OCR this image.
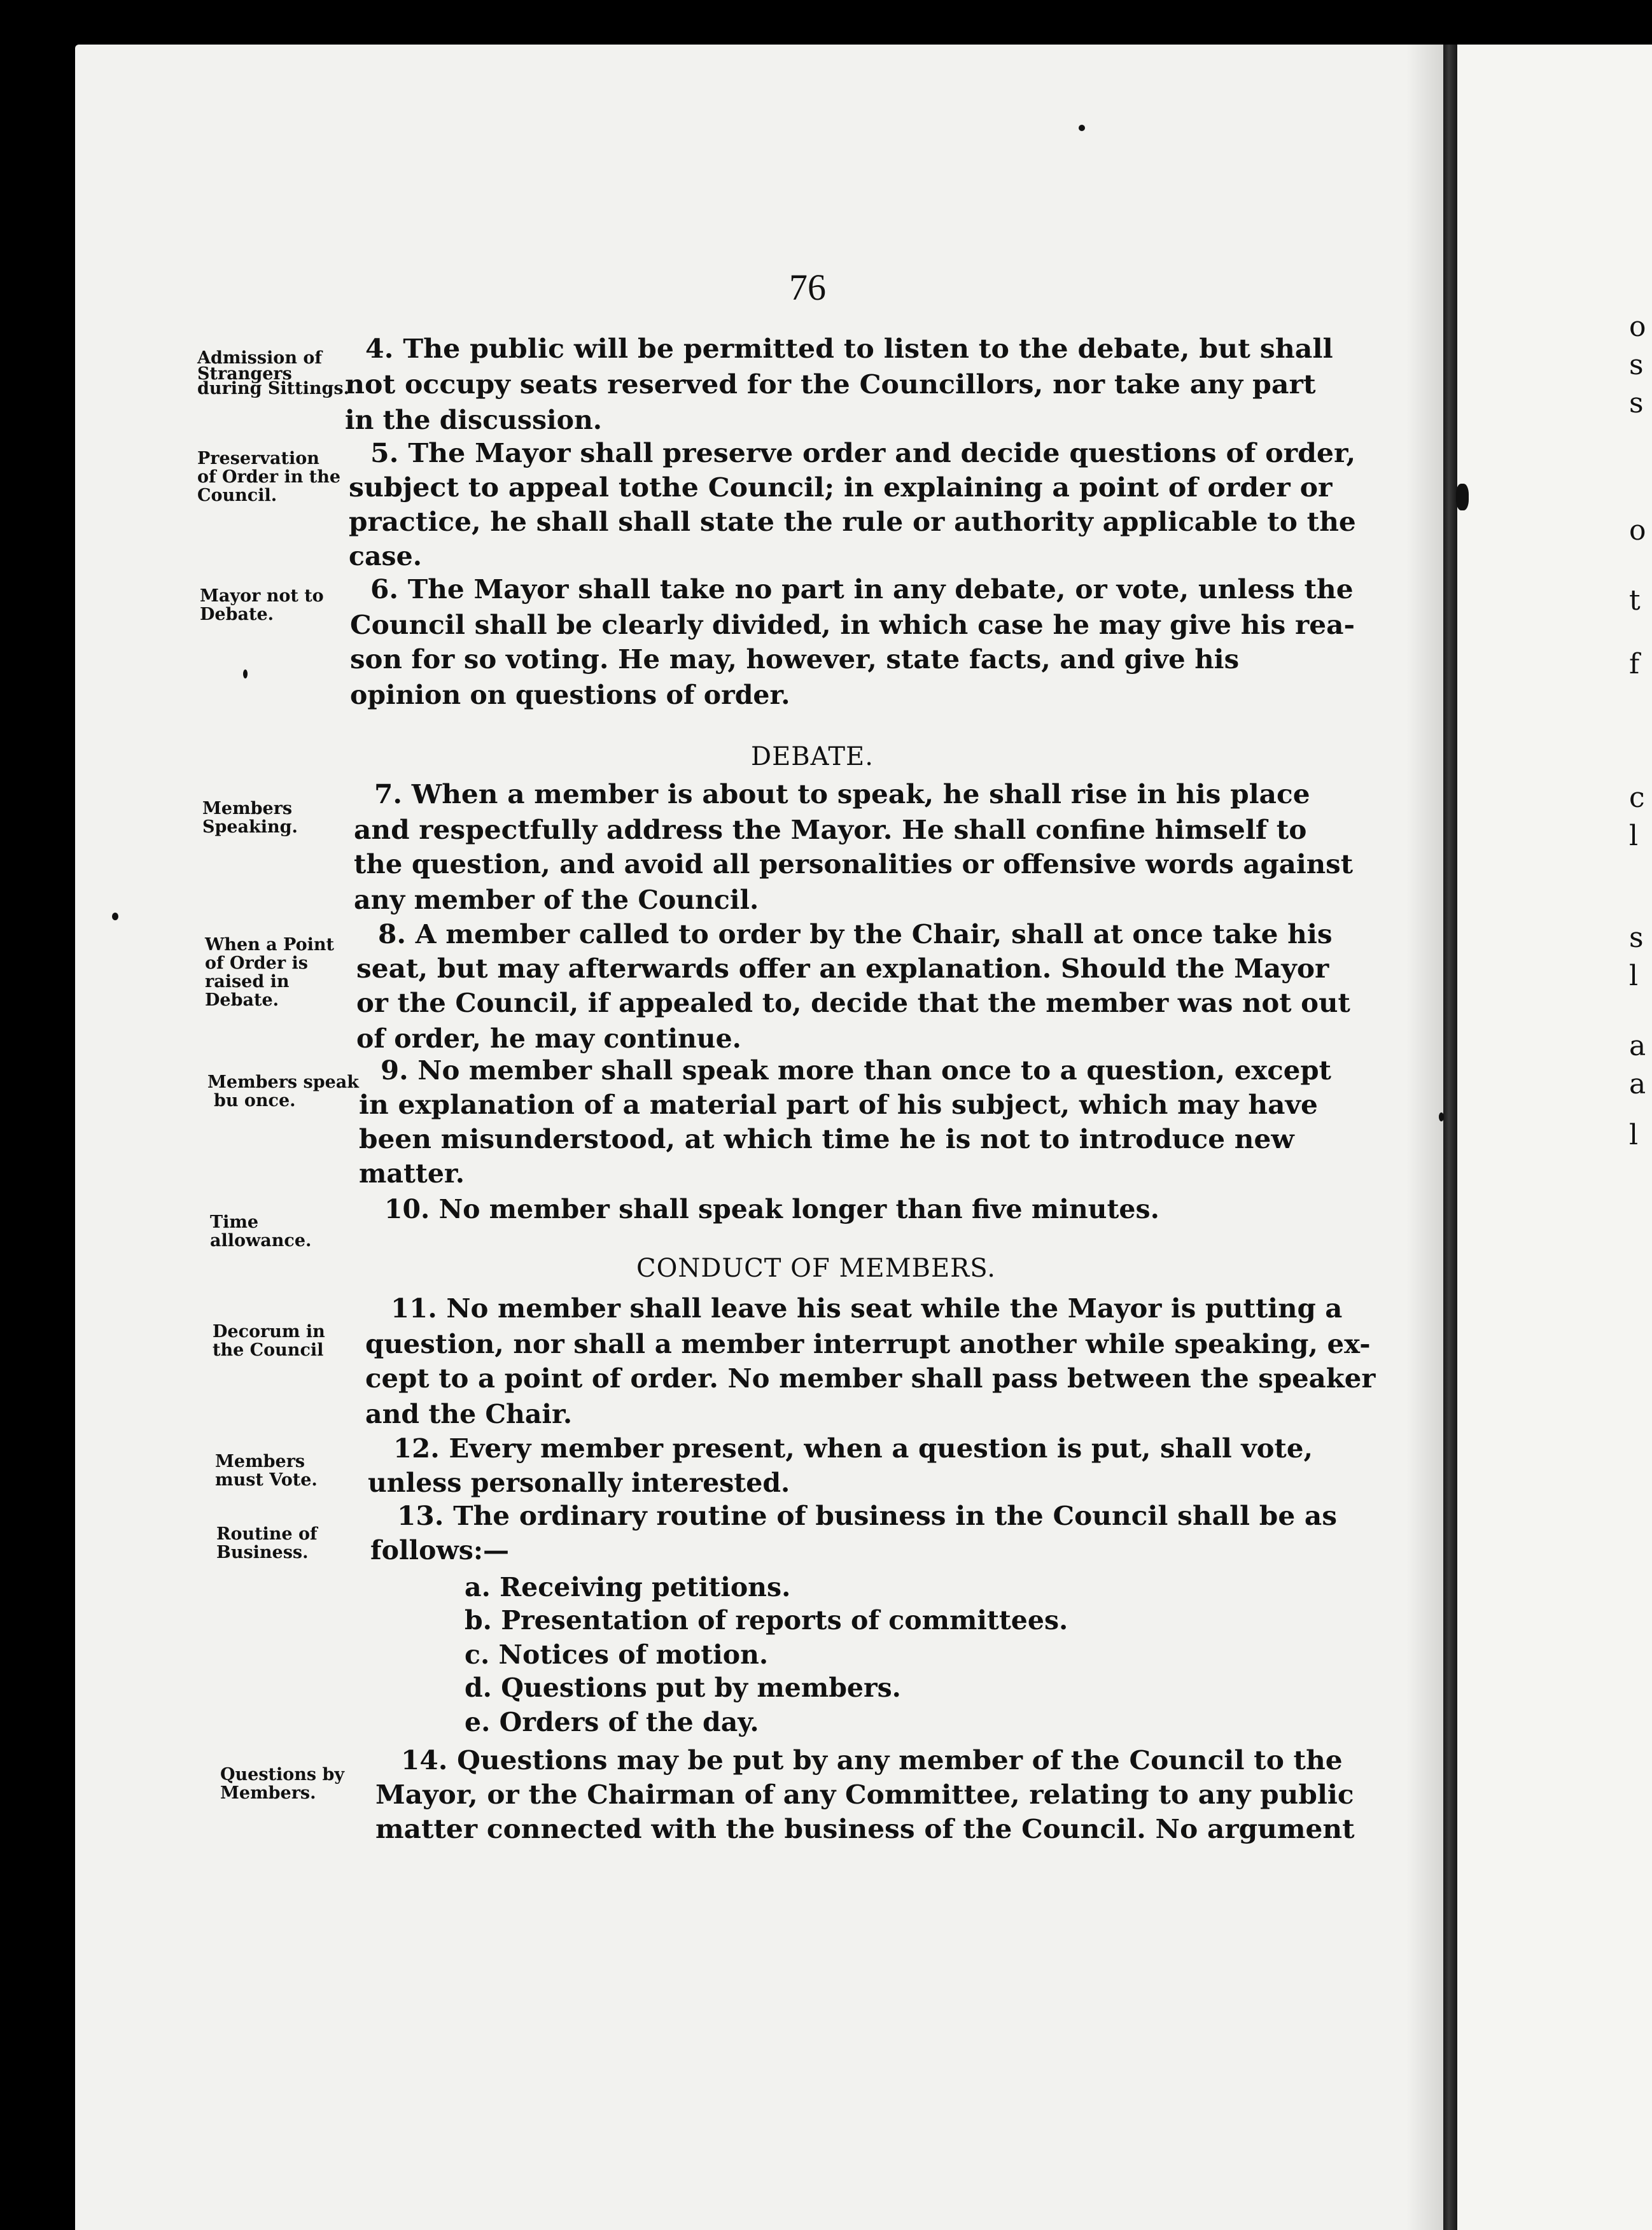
o
s
s
o
t
f
c
l
s
l
a
a
l
76
Admission of
Strangers
during Sittings.
4. The public will be permitted to listen to the debate, but shall
not occupy seats reserved for the Councillors, nor take any part
in the discussion.
Preservation
of Order in the
Council.
5. The Mayor shall preserve order and decide questions of order,
subject to appeal tothe Council; in explaining a point of order or
practice, he shall shall state the rule or authority applicable to the
case.
Mayor not to
Debate.
6. The Mayor shall take no part in any debate, or vote, unless the
Council shall be clearly divided, in which case he may give his rea-
son for so voting. He may, however, state facts, and give his
opinion on questions of order.
DEBATE.
Members
Speaking.
7. When a member is about to speak, he shall rise in his place
and respectfully address the Mayor. He shall confine himself to
the question, and avoid all personalities or offensive words against
any member of the Council.
When a Point
of Order is
raised in
Debate.
8. A member called to order by the Chair, shall at once take his
seat, but may afterwards offer an explanation. Should the Mayor
or the Council, if appealed to, decide that the member was not out
of order, he may continue.
Members speak
bu once.
9. No member shall speak more than once to a question, except
in explanation of a material part of his subject, which may have
been misunderstood, at which time he is not to introduce new
matter.
Time
allowance.
10. No member shall speak longer than five minutes.
CONDUCT OF MEMBERS.
Decorum in
the Council
11. No member shall leave his seat while the Mayor is putting a
question, nor shall a member interrupt another while speaking, ex-
cept to a point of order. No member shall pass between the speaker
and the Chair.
Members
must Vote.
12. Every member present, when a question is put, shall vote,
unless personally interested.
Routine of
Business.
13. The ordinary routine of business in the Council shall be as
follows:—
a. Receiving petitions.
b. Presentation of reports of committees.
c. Notices of motion.
d. Questions put by members.
e. Orders of the day.
Questions by
Members.
14. Questions may be put by any member of the Council to the
Mayor, or the Chairman of any Committee, relating to any public
matter connected with the business of the Council. No argument
